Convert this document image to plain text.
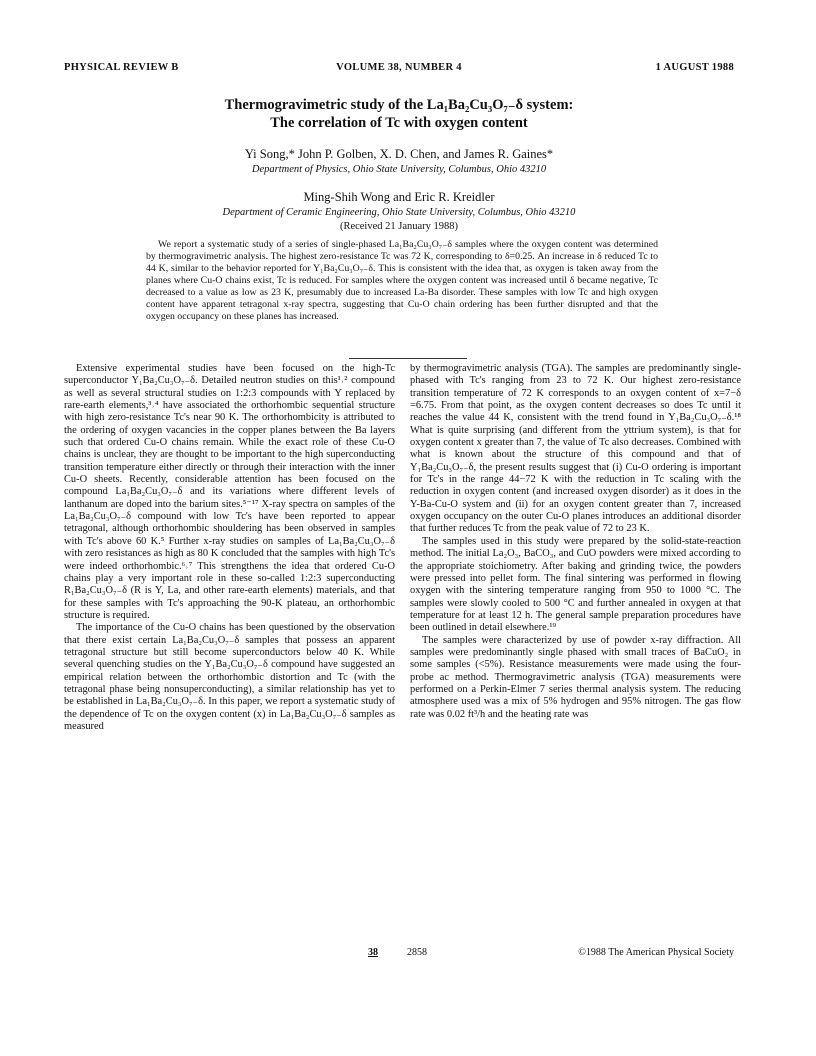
PHYSICAL REVIEW B	VOLUME 38, NUMBER 4	1 AUGUST 1988
Thermogravimetric study of the La₁Ba₂Cu₃O₇₋δ system:
The correlation of Tc with oxygen content
Yi Song,* John P. Golben, X. D. Chen, and James R. Gaines*
Department of Physics, Ohio State University, Columbus, Ohio 43210
Ming-Shih Wong and Eric R. Kreidler
Department of Ceramic Engineering, Ohio State University, Columbus, Ohio 43210
(Received 21 January 1988)
We report a systematic study of a series of single-phased La₁Ba₂Cu₃O₇₋δ samples where the oxygen content was determined by thermogravimetric analysis. The highest zero-resistance Tc was 72 K, corresponding to δ=0.25. An increase in δ reduced Tc to 44 K, similar to the behavior reported for Y₁Ba₂Cu₃O₇₋δ. This is consistent with the idea that, as oxygen is taken away from the planes where Cu-O chains exist, Tc is reduced. For samples where the oxygen content was increased until δ became negative, Tc decreased to a value as low as 23 K, presumably due to increased La-Ba disorder. These samples with low Tc and high oxygen content have apparent tetragonal x-ray spectra, suggesting that Cu-O chain ordering has been further disrupted and that the oxygen occupancy on these planes has increased.

Extensive experimental studies have been focused on the high-Tc superconductor Y₁Ba₂Cu₃O₇₋δ. Detailed neutron studies on this¹˒² compound as well as several structural studies on 1:2:3 compounds with Y replaced by rare-earth elements,³˒⁴ have associated the orthorhombic sequential structure with high zero-resistance Tc's near 90 K. The orthorhombicity is attributed to the ordering of oxygen vacancies in the copper planes between the Ba layers such that ordered Cu-O chains remain. While the exact role of these Cu-O chains is unclear, they are thought to be important to the high superconducting transition temperature either directly or through their interaction with the inner Cu-O sheets. Recently, considerable attention has been focused on the compound La₁Ba₂Cu₃O₇₋δ and its variations where different levels of lanthanum are doped into the barium sites.⁵⁻¹⁷ X-ray spectra on samples of the La₁Ba₂Cu₃O₇₋δ compound with low Tc's have been reported to appear tetragonal, although orthorhombic shouldering has been observed in samples with Tc's above 60 K.⁵ Further x-ray studies on samples of La₁Ba₂Cu₃O₇₋δ with zero resistances as high as 80 K concluded that the samples with high Tc's were indeed orthorhombic.⁶˒⁷ This strengthens the idea that ordered Cu-O chains play a very important role in these so-called 1:2:3 superconducting R₁Ba₂Cu₃O₇₋δ (R is Y, La, and other rare-earth elements) materials, and that for these samples with Tc's approaching the 90-K plateau, an orthorhombic structure is required.

The importance of the Cu-O chains has been questioned by the observation that there exist certain La₁Ba₂Cu₃O₇₋δ samples that possess an apparent tetragonal structure but still become superconductors below 40 K. While several quenching studies on the Y₁Ba₂Cu₃O₇₋δ compound have suggested an empirical relation between the orthorhombic distortion and Tc (with the tetragonal phase being nonsuperconducting), a similar relationship has yet to be established in La₁Ba₂Cu₃O₇₋δ. In this paper, we report a systematic study of the dependence of Tc on the oxygen content (x) in La₁Ba₂Cu₃O₇₋δ samples as measured

by thermogravimetric analysis (TGA). The samples are predominantly single-phased with Tc's ranging from 23 to 72 K. Our highest zero-resistance transition temperature of 72 K corresponds to an oxygen content of x=7−δ =6.75. From that point, as the oxygen content decreases so does Tc until it reaches the value 44 K, consistent with the trend found in Y₁Ba₂Cu₃O₇₋δ.¹⁸ What is quite surprising (and different from the yttrium system), is that for oxygen content x greater than 7, the value of Tc also decreases. Combined with what is known about the structure of this compound and that of Y₁Ba₂Cu₃O₇₋δ, the present results suggest that (i) Cu-O ordering is important for Tc's in the range 44−72 K with the reduction in Tc scaling with the reduction in oxygen content (and increased oxygen disorder) as it does in the Y-Ba-Cu-O system and (ii) for an oxygen content greater than 7, increased oxygen occupancy on the outer Cu-O planes introduces an additional disorder that further reduces Tc from the peak value of 72 to 23 K.

The samples used in this study were prepared by the solid-state-reaction method. The initial La₂O₃, BaCO₃, and CuO powders were mixed according to the appropriate stoichiometry. After baking and grinding twice, the powders were pressed into pellet form. The final sintering was performed in flowing oxygen with the sintering temperature ranging from 950 to 1000 °C. The samples were slowly cooled to 500 °C and further annealed in oxygen at that temperature for at least 12 h. The general sample preparation procedures have been outlined in detail elsewhere.¹⁹

The samples were characterized by use of powder x-ray diffraction. All samples were predominantly single phased with small traces of BaCuO₂ in some samples (<5%). Resistance measurements were made using the four-probe ac method. Thermogravimetric analysis (TGA) measurements were performed on a Perkin-Elmer 7 series thermal analysis system. The reducing atmosphere used was a mix of 5% hydrogen and 95% nitrogen. The gas flow rate was 0.02 ft³/h and the heating rate was

38	2858	©1988 The American Physical Society
